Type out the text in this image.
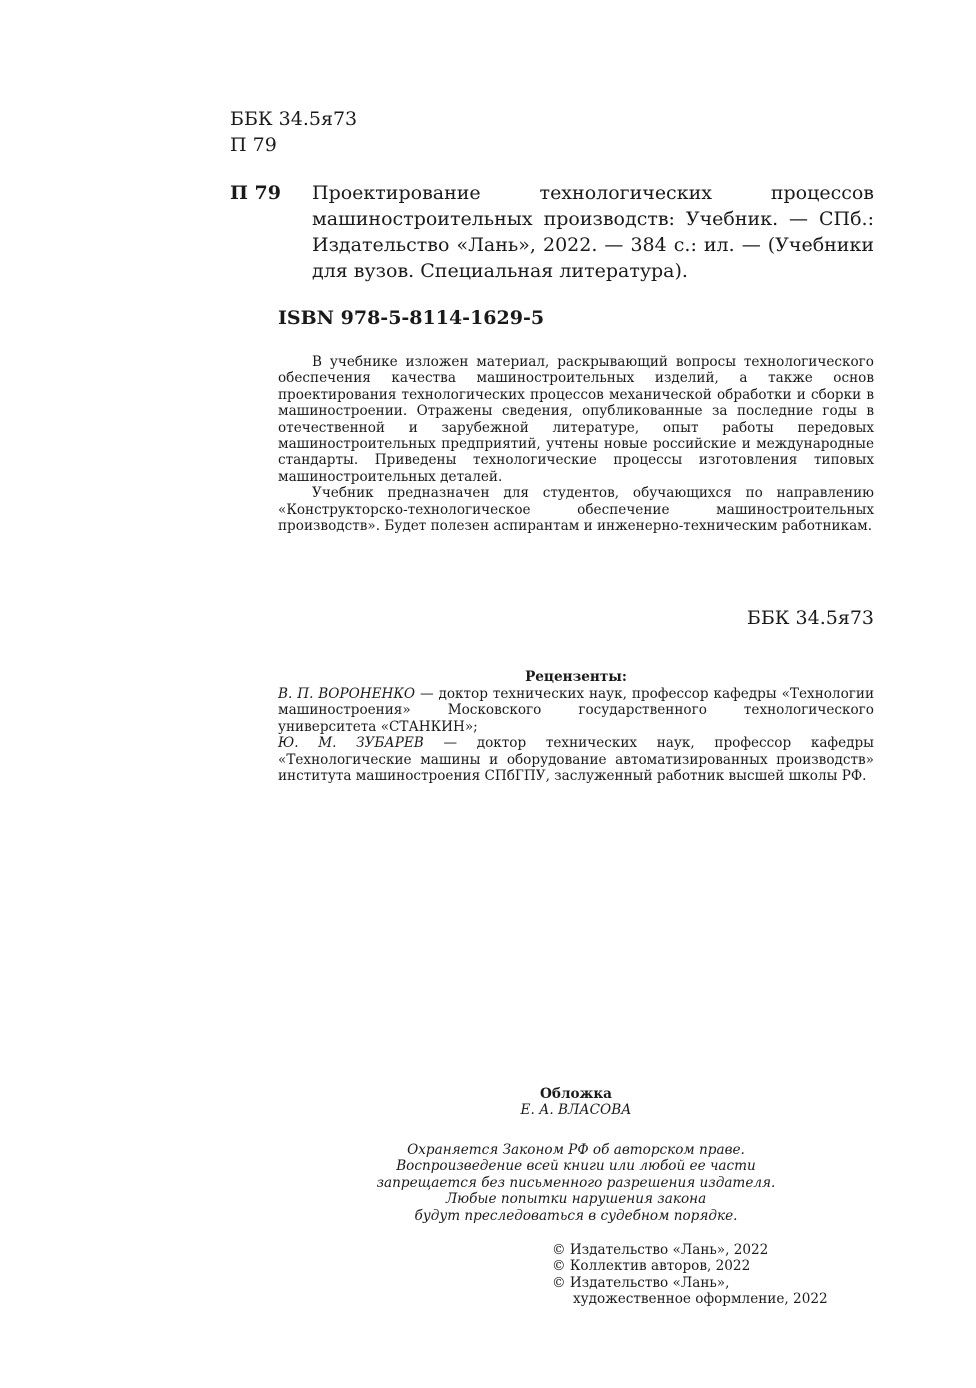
ББК 34.5я73
П 79
П 79 Проектирование технологических процессов машиностроительных производств: Учебник. — СПб.: Издательство «Лань», 2022. — 384 с.: ил. — (Учебники для вузов. Специальная литература).
ISBN 978-5-8114-1629-5

В учебнике изложен материал, раскрывающий вопросы технологического обеспечения качества машиностроительных изделий, а также основ проектирования технологических процессов механической обработки и сборки в машиностроении. Отражены сведения, опубликованные за последние годы в отечественной и зарубежной литературе, опыт работы передовых машиностроительных предприятий, учтены новые российские и международные стандарты. Приведены технологические процессы изготовления типовых машиностроительных деталей.

Учебник предназначен для студентов, обучающихся по направлению «Конструкторско-технологическое обеспечение машиностроительных производств». Будет полезен аспирантам и инженерно-техническим работникам.

ББК 34.5я73
Рецензенты:

В. П. ВОРОНЕНКО — доктор технических наук, профессор кафедры «Технологии машиностроения» Московского государственного технологического университета «СТАНКИН»;

Ю. М. ЗУБАРЕВ — доктор технических наук, профессор кафедры «Технологические машины и оборудование автоматизированных производств» института машиностроения СПбГПУ, заслуженный работник высшей школы РФ.

Обложка
Е. А. ВЛАСОВА
Охраняется Законом РФ об авторском праве.
Воспроизведение всей книги или любой ее части
запрещается без письменного разрешения издателя.
Любые попытки нарушения закона
будут преследоваться в судебном порядке.
© Издательство «Лань», 2022
© Коллектив авторов, 2022
© Издательство «Лань»,
художественное оформление, 2022
